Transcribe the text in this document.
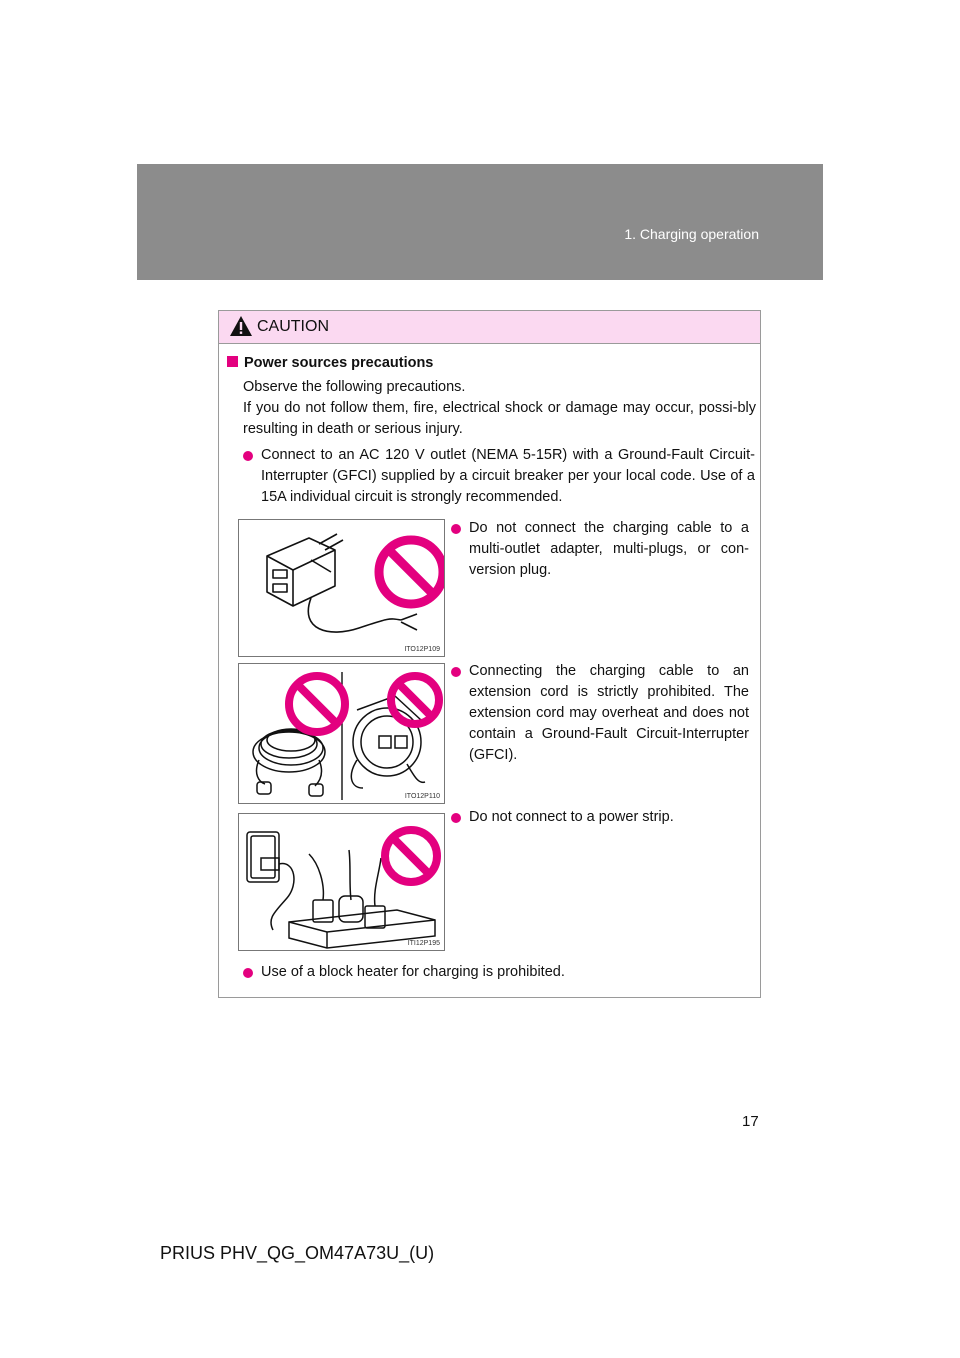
1. Charging operation
CAUTION
Power sources precautions
Observe the following precautions.
If you do not follow them, fire, electrical shock or damage may occur, possi-bly resulting in death or serious injury.
Connect to an AC 120 V outlet (NEMA 5-15R) with a Ground-Fault Circuit-Interrupter (GFCI) supplied by a circuit breaker per your local code. Use of a 15A individual circuit is strongly recommended.
ITO12P109
ITO12P110
ITI12P195
Do not connect the charging cable to a multi-outlet adapter, multi-plugs, or con-version plug.
Connecting the charging cable to an extension cord is strictly prohibited. The extension cord may overheat and does not contain a Ground-Fault Circuit-Interrupter (GFCI).
Do not connect to a power strip.
Use of a block heater for charging is prohibited.
17
PRIUS PHV_QG_OM47A73U_(U)
